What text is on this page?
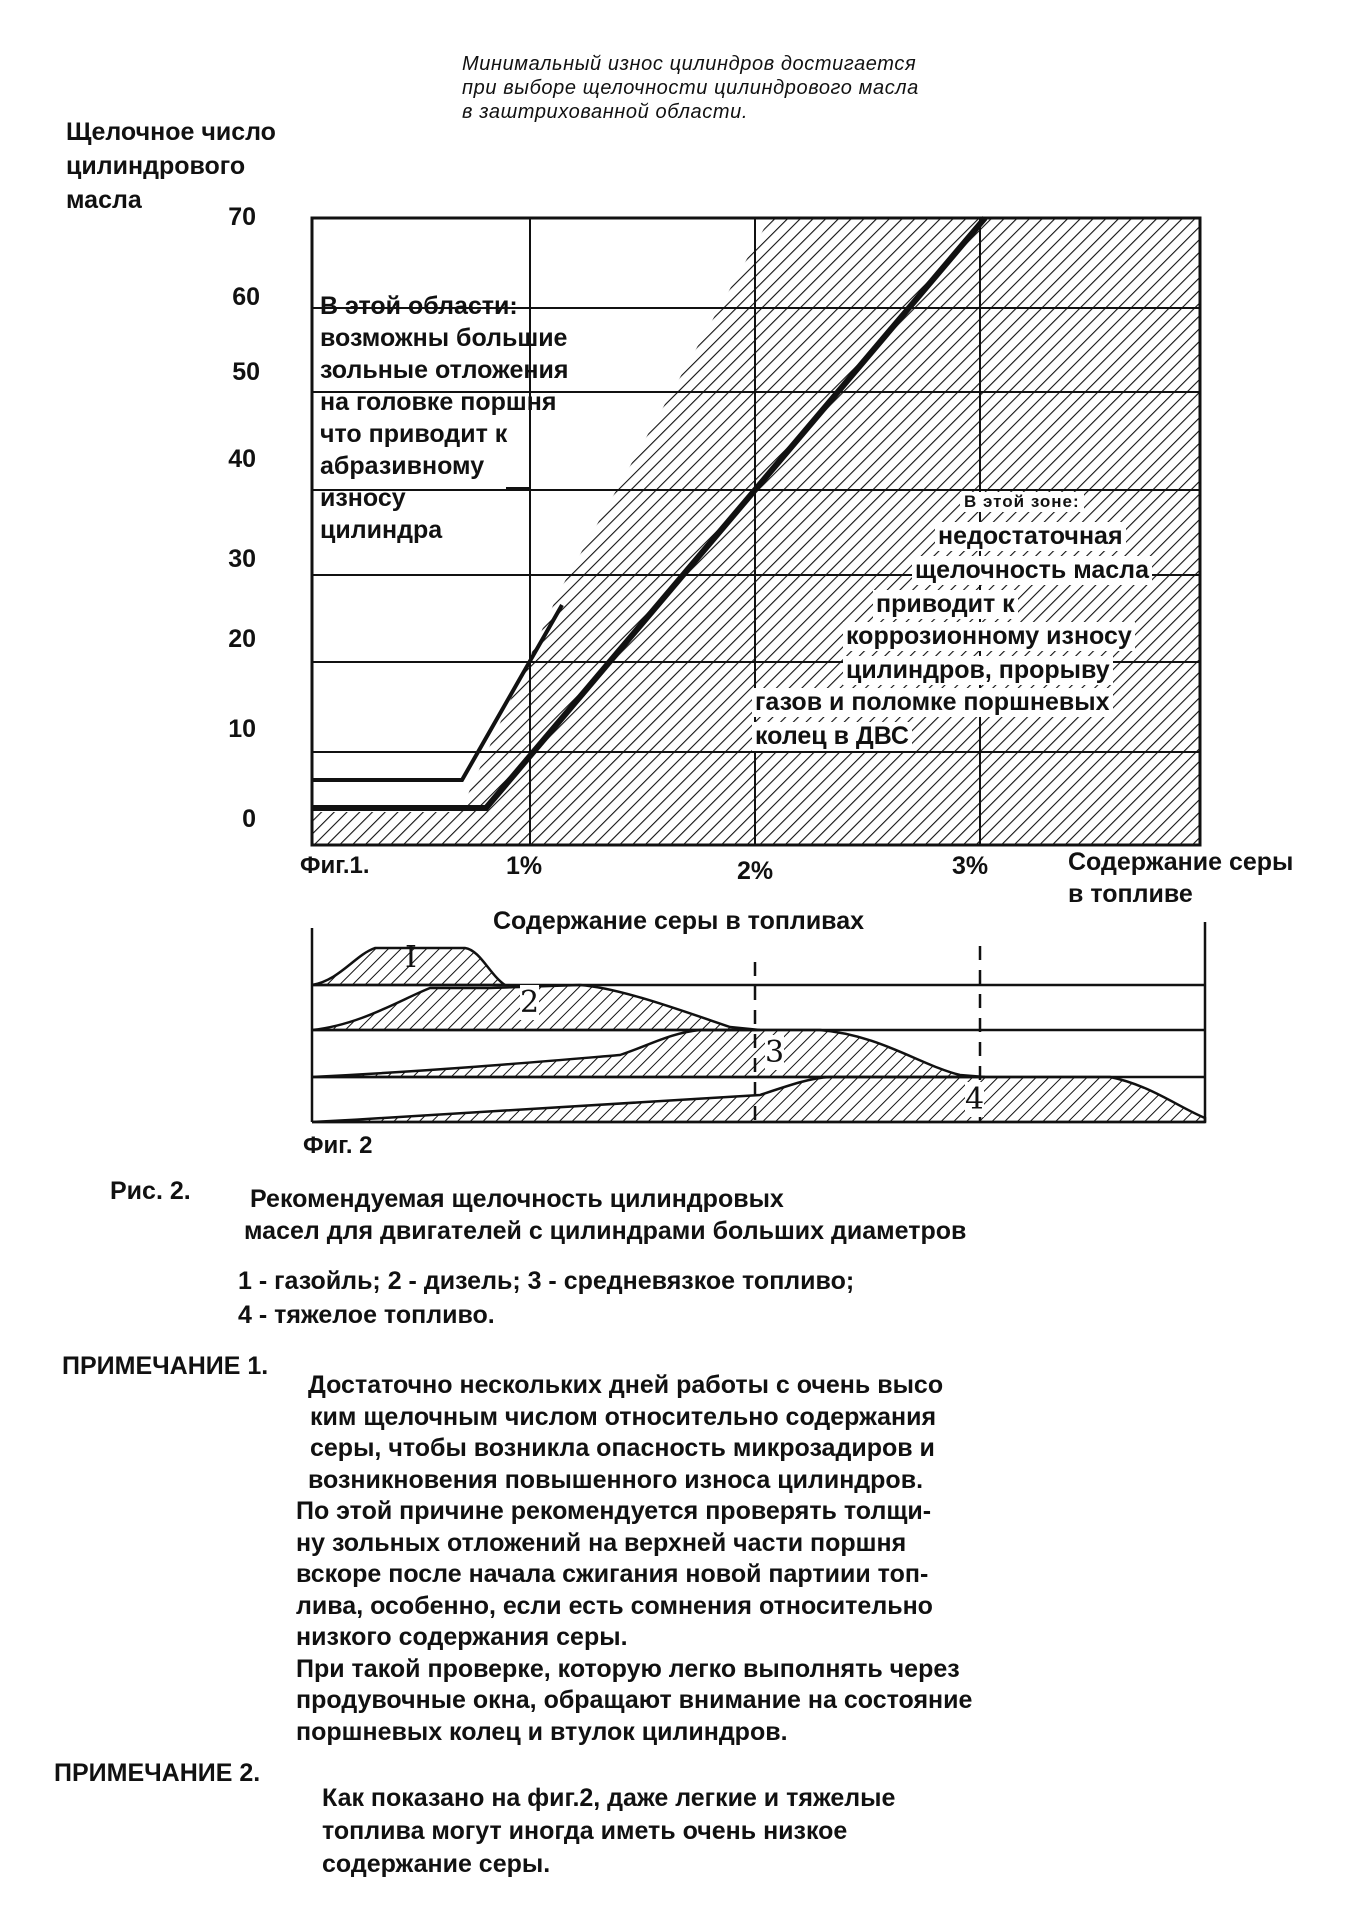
Минимальный износ цилиндров достигается
при выборе щелочности цилиндрового масла
в заштрихованной области.
Щелочное число
цилиндрового
масла
70
60
50
40
30
20
10
0
Фиг.1.	1%	2%	3%	Содержание серы
в топливе
В этой области:
возможны большие
зольные отложения
на головке поршня
что приводит к
абразивному
износу
цилиндра
В этой зоне:
недостаточная
щелочность масла
приводит к
коррозионному износу
цилиндров, прорыву
газов и поломке поршневых
колец в ДВС
Содержание серы в топливах
I
2
3
4
Фиг. 2
Рис. 2. Рекомендуемая щелочность цилиндровых
масел для двигателей с цилиндрами больших диаметров
1 - газойль; 2 - дизель; 3 - средневязкое топливо;
4 - тяжелое топливо.
ПРИМЕЧАНИЕ 1.

Достаточно нескольких дней работы с очень высо

ким щелочным числом относительно содержания

серы, чтобы возникла опасность микрозадиров и

возникновения повышенного износа цилиндров.

По этой причине рекомендуется проверять толщи-

ну зольных отложений на верхней части поршня

вскоре после начала сжигания новой партиии топ-

лива, особенно, если есть сомнения относительно

низкого содержания серы.

При такой проверке, которую легко выполнять через

продувочные окна, обращают внимание на состояние

поршневых колец и втулок цилиндров.

ПРИМЕЧАНИЕ 2.

Как показано на фиг.2, даже легкие и тяжелые

топлива могут иногда иметь очень низкое

содержание серы.
